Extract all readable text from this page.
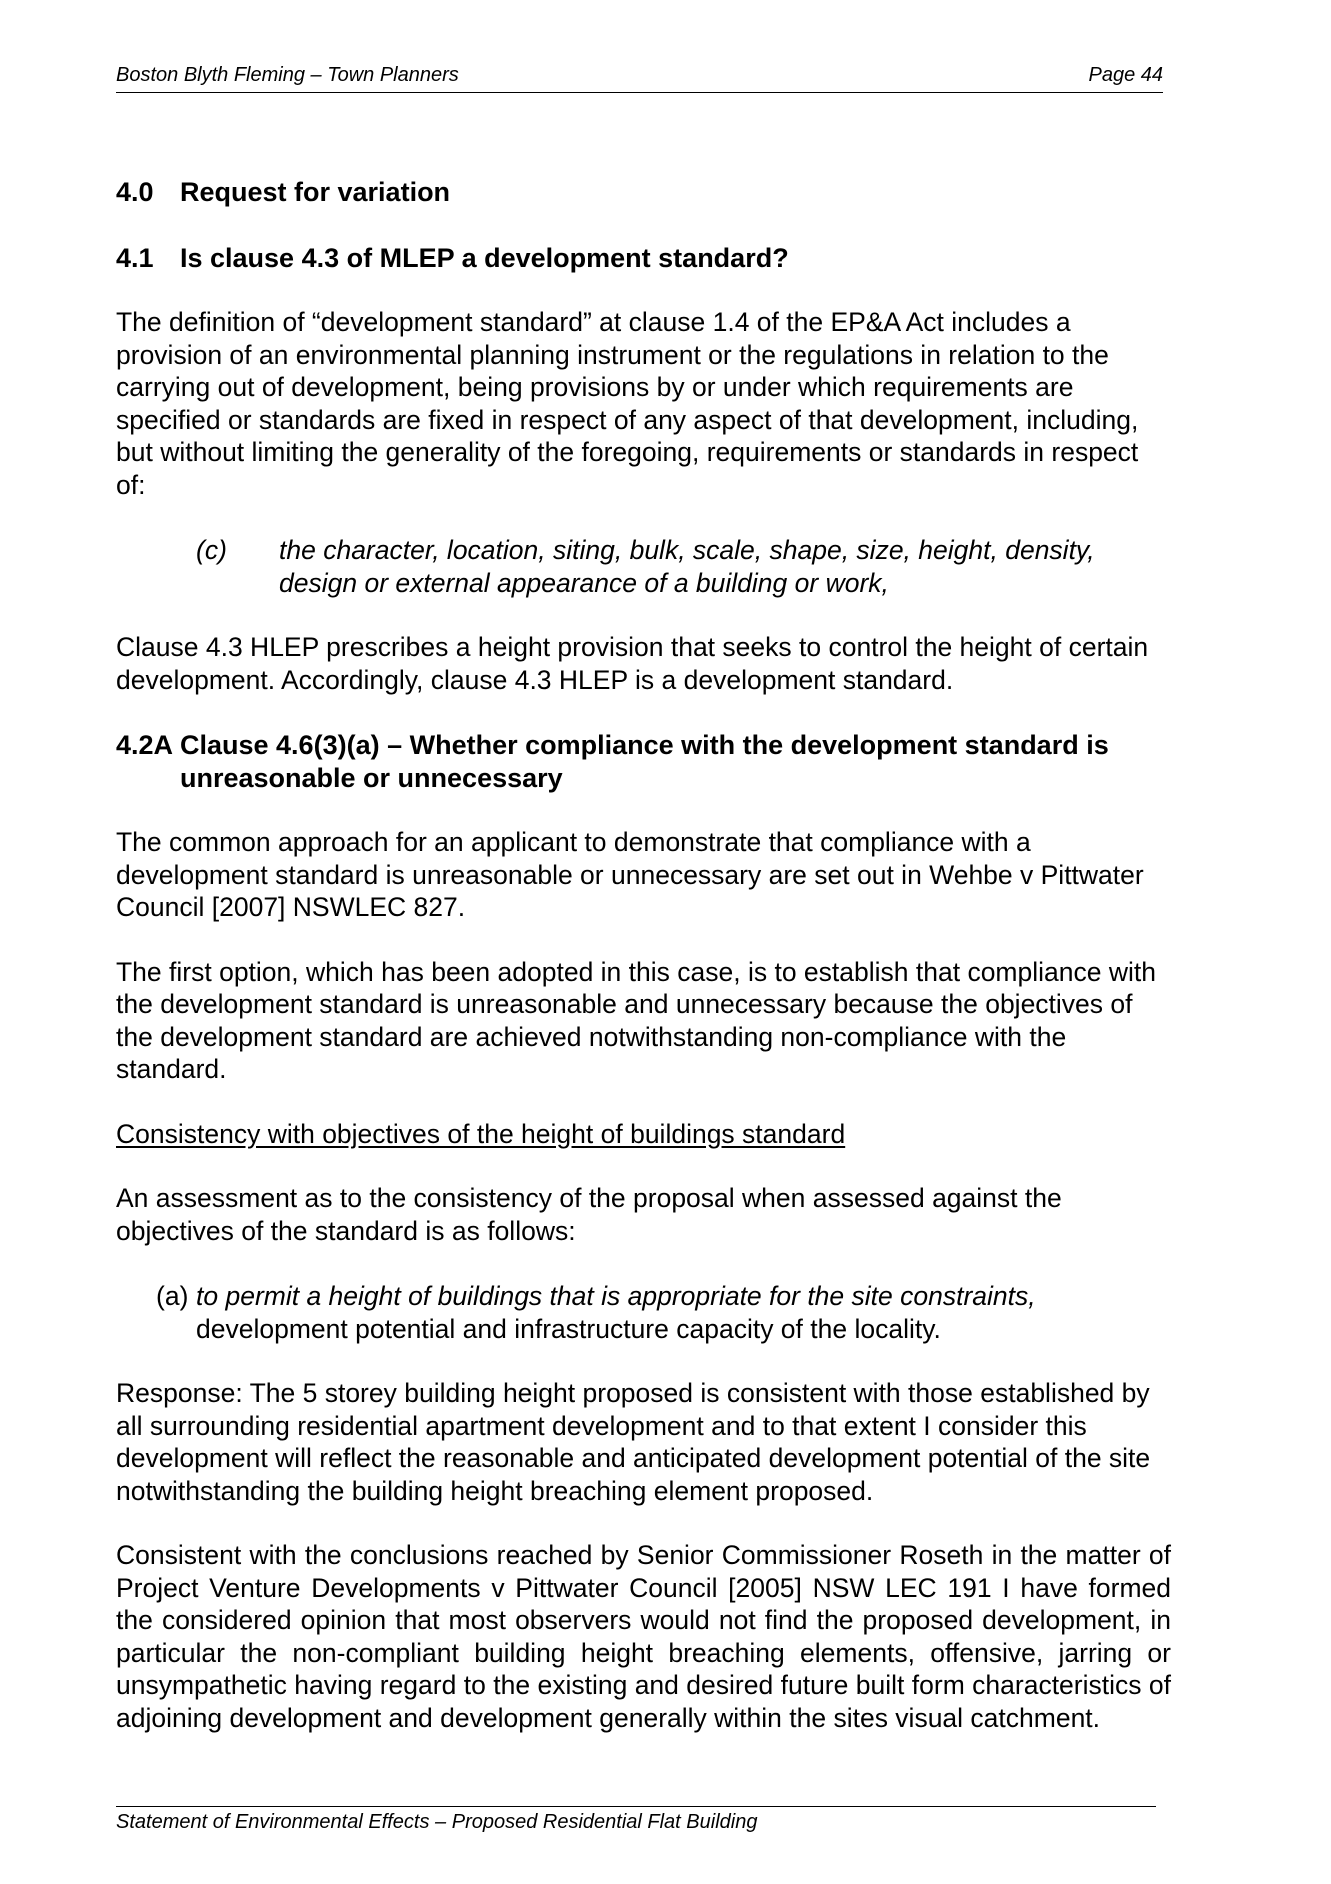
Boston Blyth Fleming – Town Planners	Page 44
4.0 Request for variation
4.1 Is clause 4.3 of MLEP a development standard?

The definition of “development standard” at clause 1.4 of the EP&A Act includes a provision of an environmental planning instrument or the regulations in relation to the carrying out of development, being provisions by or under which requirements are specified or standards are fixed in respect of any aspect of that development, including, but without limiting the generality of the foregoing, requirements or standards in respect of:

(c) the character, location, siting, bulk, scale, shape, size, height, density, design or external appearance of a building or work,

Clause 4.3 HLEP prescribes a height provision that seeks to control the height of certain development. Accordingly, clause 4.3 HLEP is a development standard.

4.2A Clause 4.6(3)(a) – Whether compliance with the development standard is unreasonable or unnecessary

The common approach for an applicant to demonstrate that compliance with a development standard is unreasonable or unnecessary are set out in Wehbe v Pittwater Council [2007] NSWLEC 827.

The first option, which has been adopted in this case, is to establish that compliance with the development standard is unreasonable and unnecessary because the objectives of the development standard are achieved notwithstanding non-compliance with the standard.

Consistency with objectives of the height of buildings standard

An assessment as to the consistency of the proposal when assessed against the objectives of the standard is as follows:

(a) to permit a height of buildings that is appropriate for the site constraints, development potential and infrastructure capacity of the locality.

Response: The 5 storey building height proposed is consistent with those established by all surrounding residential apartment development and to that extent I consider this development will reflect the reasonable and anticipated development potential of the site notwithstanding the building height breaching element proposed.

Consistent with the conclusions reached by Senior Commissioner Roseth in the matter of Project Venture Developments v Pittwater Council [2005] NSW LEC 191 I have formed the considered opinion that most observers would not find the proposed development, in particular the non-compliant building height breaching elements, offensive, jarring or unsympathetic having regard to the existing and desired future built form characteristics of adjoining development and development generally within the sites visual catchment.

Statement of Environmental Effects – Proposed Residential Flat Building
